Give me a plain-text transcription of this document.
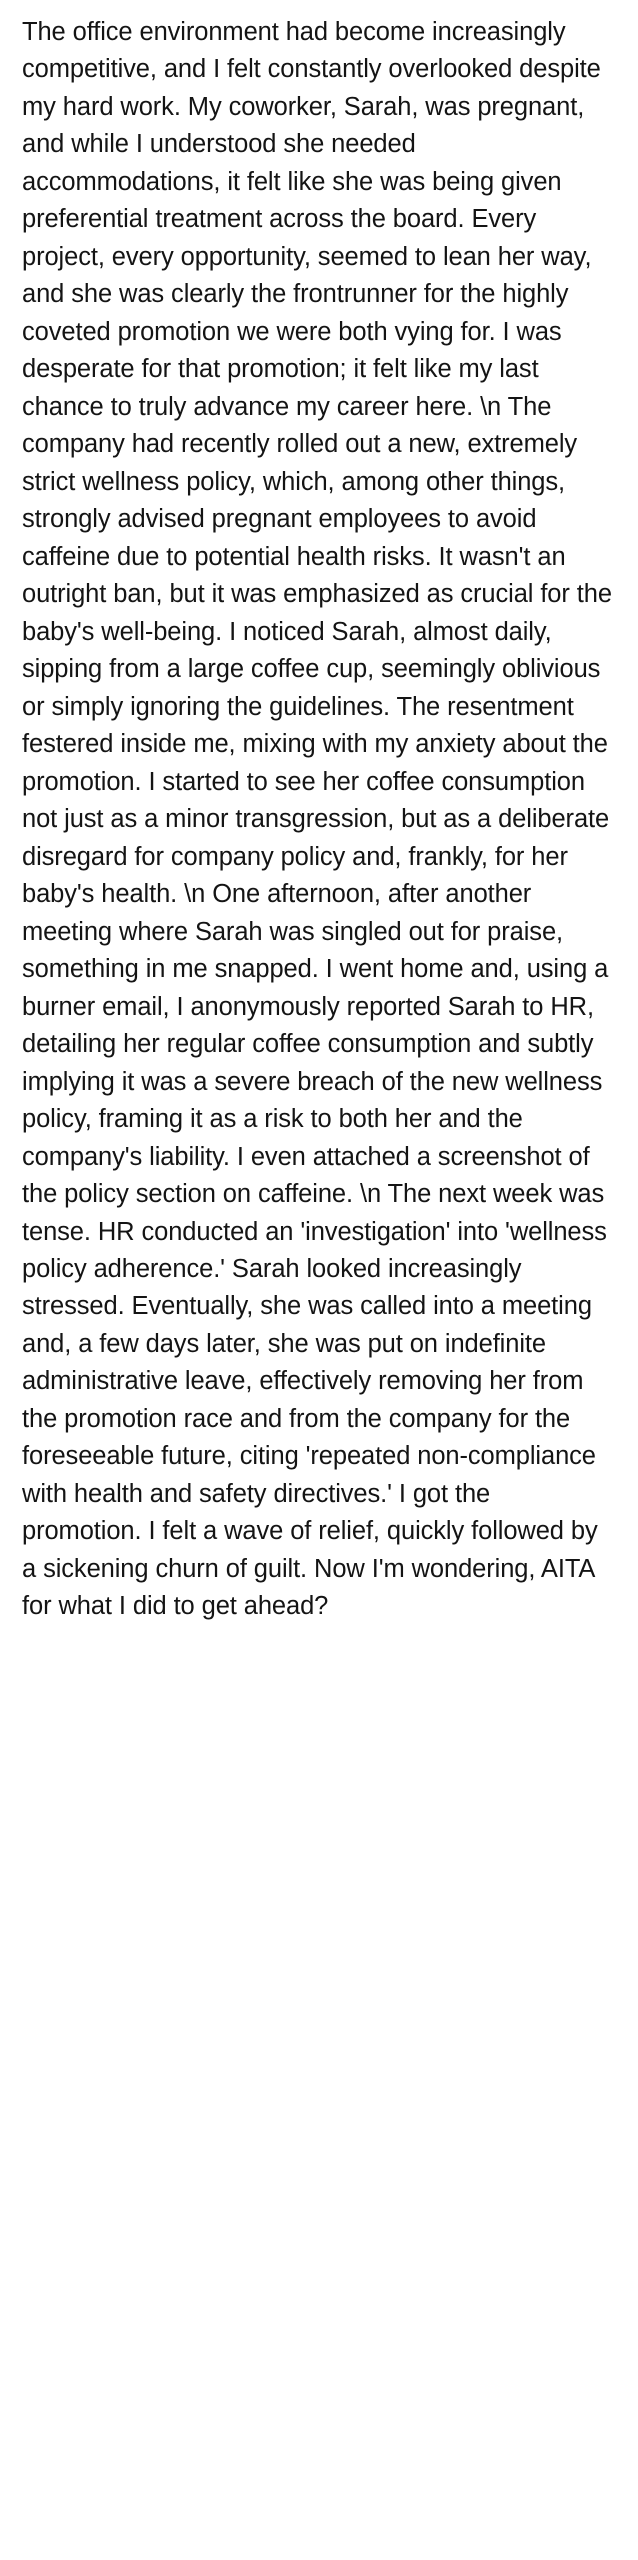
The office environment had become increasingly competitive, and I felt constantly overlooked despite my hard work. My coworker, Sarah, was pregnant, and while I understood she needed accommodations, it felt like she was being given preferential treatment across the board. Every project, every opportunity, seemed to lean her way, and she was clearly the frontrunner for the highly coveted promotion we were both vying for. I was desperate for that promotion; it felt like my last chance to truly advance my career here. \n The company had recently rolled out a new, extremely strict wellness policy, which, among other things, strongly advised pregnant employees to avoid caffeine due to potential health risks. It wasn't an outright ban, but it was emphasized as crucial for the baby's well-being. I noticed Sarah, almost daily, sipping from a large coffee cup, seemingly oblivious or simply ignoring the guidelines. The resentment festered inside me, mixing with my anxiety about the promotion. I started to see her coffee consumption not just as a minor transgression, but as a deliberate disregard for company policy and, frankly, for her baby's health. \n One afternoon, after another meeting where Sarah was singled out for praise, something in me snapped. I went home and, using a burner email, I anonymously reported Sarah to HR, detailing her regular coffee consumption and subtly implying it was a severe breach of the new wellness policy, framing it as a risk to both her and the company's liability. I even attached a screenshot of the policy section on caffeine. \n The next week was tense. HR conducted an 'investigation' into 'wellness policy adherence.' Sarah looked increasingly stressed. Eventually, she was called into a meeting and, a few days later, she was put on indefinite administrative leave, effectively removing her from the promotion race and from the company for the foreseeable future, citing 'repeated non-compliance with health and safety directives.' I got the promotion. I felt a wave of relief, quickly followed by a sickening churn of guilt. Now I'm wondering, AITA for what I did to get ahead?
